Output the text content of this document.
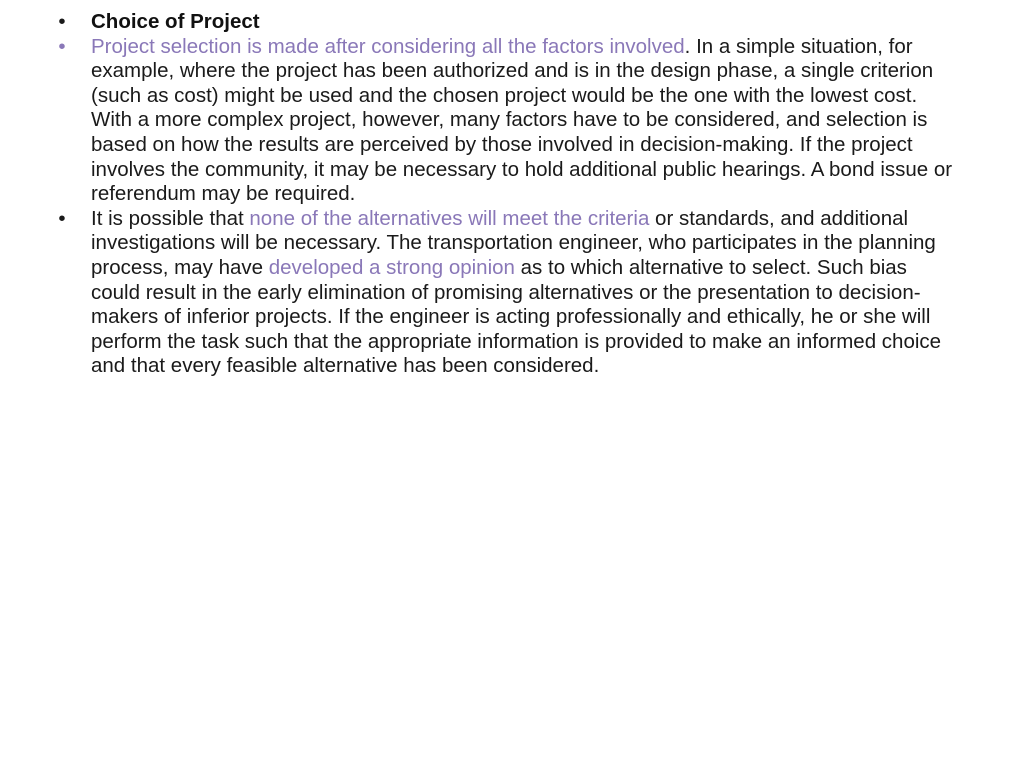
• Choice of Project
• Project selection is made after considering all the factors involved. In a simple situation, for example, where the project has been authorized and is in the design phase, a single criterion (such as cost) might be used and the chosen project would be the one with the lowest cost. With a more complex project, however, many factors have to be considered, and selection is based on how the results are perceived by those involved in decision-making. If the project involves the community, it may be necessary to hold additional public hearings. A bond issue or referendum may be required.
• It is possible that none of the alternatives will meet the criteria or standards, and additional investigations will be necessary. The transportation engineer, who participates in the planning process, may have developed a strong opinion as to which alternative to select. Such bias could result in the early elimination of promising alternatives or the presentation to decision-makers of inferior projects. If the engineer is acting professionally and ethically, he or she will perform the task such that the appropriate information is provided to make an informed choice and that every feasible alternative has been considered.
